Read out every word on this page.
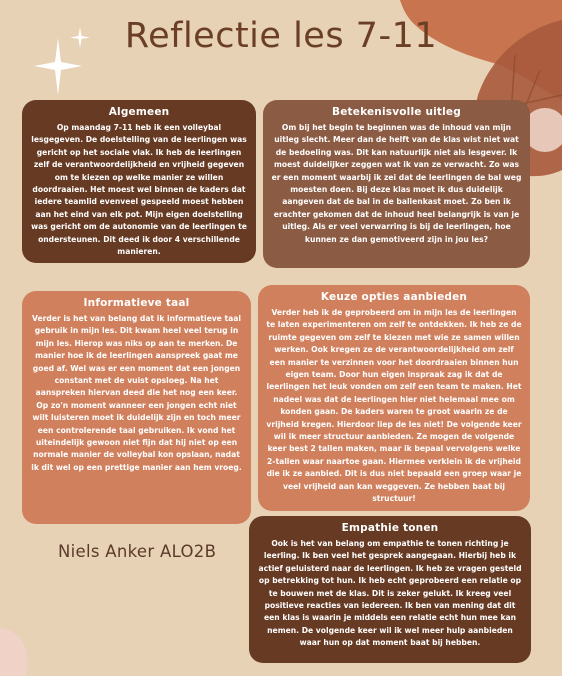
Reflectie les 7-11
Algemeen

Op maandag 7-11 heb ik een volleybal lesgegeven. De doelstelling van de leerlingen was gericht op het sociale vlak. Ik heb de leerlingen zelf de verantwoordelijkheid en vrijheid gegeven om te kiezen op welke manier ze willen doordraaien. Het moest wel binnen de kaders dat iedere teamlid evenveel gespeeld moest hebben aan het eind van elk pot. Mijn eigen doelstelling was gericht om de autonomie van de leerlingen te ondersteunen. Dit deed ik door 4 verschillende manieren.

Betekenisvolle uitleg

Om bij het begin te beginnen was de inhoud van mijn uitleg slecht. Meer dan de helft van de klas wist niet wat de bedoeling was. Dit kan natuurlijk niet als lesgever. Ik moest duidelijker zeggen wat ik van ze verwacht. Zo was er een moment waarbij ik zei dat de leerlingen de bal weg moesten doen. Bij deze klas moet ik dus duidelijk aangeven dat de bal in de ballenkast moet. Zo ben ik erachter gekomen dat de inhoud heel belangrijk is van je uitleg. Als er veel verwarring is bij de leerlingen, hoe kunnen ze dan gemotiveerd zijn in jou les?

Informatieve taal

Verder is het van belang dat ik informatieve taal gebruik in mijn les. Dit kwam heel veel terug in mijn les. Hierop was niks op aan te merken. De manier hoe ik de leerlingen aanspreek gaat me goed af. Wel was er een moment dat een jongen constant met de vuist opsloeg. Na het aanspreken hiervan deed die het nog een keer. Op zo'n moment wanneer een jongen echt niet wilt luisteren moet ik duidelijk zijn en toch meer een controlerende taal gebruiken. Ik vond het uiteindelijk gewoon niet fijn dat hij niet op een normale manier de volleybal kon opslaan, nadat ik dit wel op een prettige manier aan hem vroeg.

Keuze opties aanbieden

Verder heb ik de geprobeerd om in mijn les de leerlingen te laten experimenteren om zelf te ontdekken. Ik heb ze de ruimte gegeven om zelf te kiezen met wie ze samen willen werken. Ook kregen ze de verantwoordelijkheid om zelf een manier te verzinnen voor het doordraaien binnen hun eigen team. Door hun eigen inspraak zag ik dat de leerlingen het leuk vonden om zelf een team te maken. Het nadeel was dat de leerlingen hier niet helemaal mee om konden gaan. De kaders waren te groot waarin ze de vrijheid kregen. Hierdoor liep de les niet! De volgende keer wil ik meer structuur aanbieden. Ze mogen de volgende keer best 2 tallen maken, maar ik bepaal vervolgens welke 2-tallen waar naartoe gaan. Hiermee verklein ik de vrijheid die ik ze aanbied. Dit is dus niet bepaald een groep waar je veel vrijheid aan kan weggeven. Ze hebben baat bij structuur!

Niels Anker ALO2B
Empathie tonen

Ook is het van belang om empathie te tonen richting je leerling. Ik ben veel het gesprek aangegaan. Hierbij heb ik actief geluisterd naar de leerlingen. Ik heb ze vragen gesteld op betrekking tot hun. Ik heb echt geprobeerd een relatie op te bouwen met de klas. Dit is zeker gelukt. Ik kreeg veel positieve reacties van iedereen. Ik ben van mening dat dit een klas is waarin je middels een relatie echt hun mee kan nemen. De volgende keer wil ik wel meer hulp aanbieden waar hun op dat moment baat bij hebben.
